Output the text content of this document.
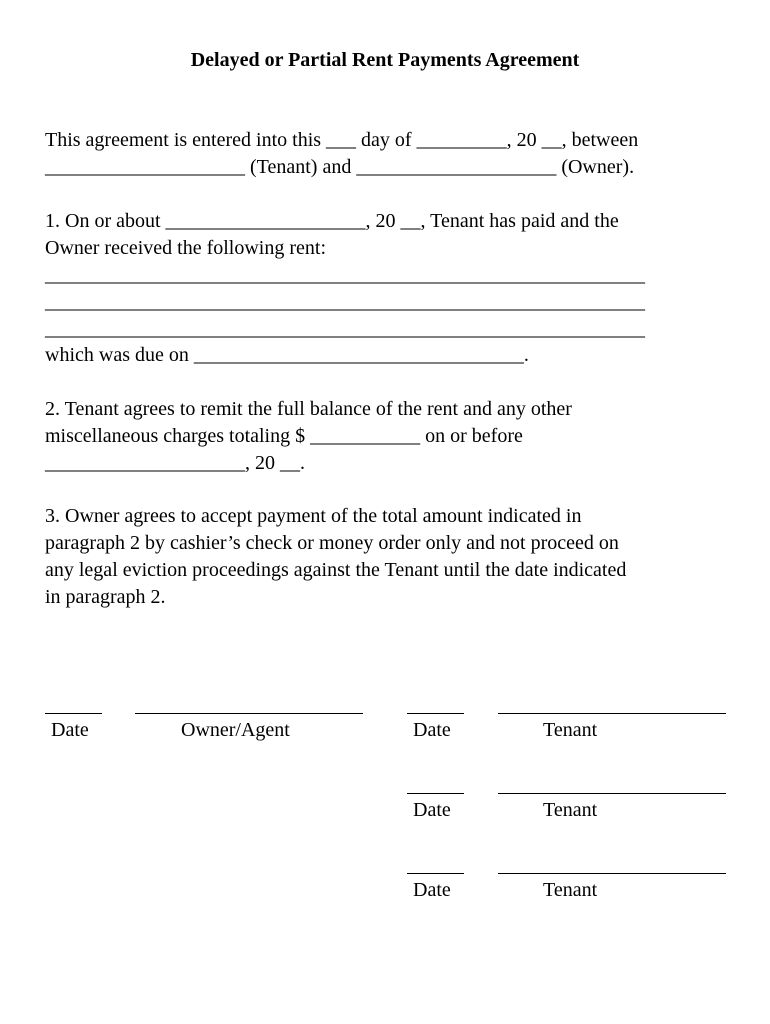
Delayed or Partial Rent Payments Agreement
This agreement is entered into this ___ day of _________, 20 __, between
____________________ (Tenant) and ____________________ (Owner).
1. On or about ____________________, 20 __, Tenant has paid and the
Owner received the following rent:
____________________________________________________________
____________________________________________________________
____________________________________________________________
which was due on _________________________________.
2. Tenant agrees to remit the full balance of the rent and any other
miscellaneous charges totaling $ ___________ on or before
____________________, 20 __.
3. Owner agrees to accept payment of the total amount indicated in
paragraph 2 by cashier’s check or money order only and not proceed on
any legal eviction proceedings against the Tenant until the date indicated
in paragraph 2.
Date	Owner/Agent	Date	Tenant
Date	Tenant
Date	Tenant
